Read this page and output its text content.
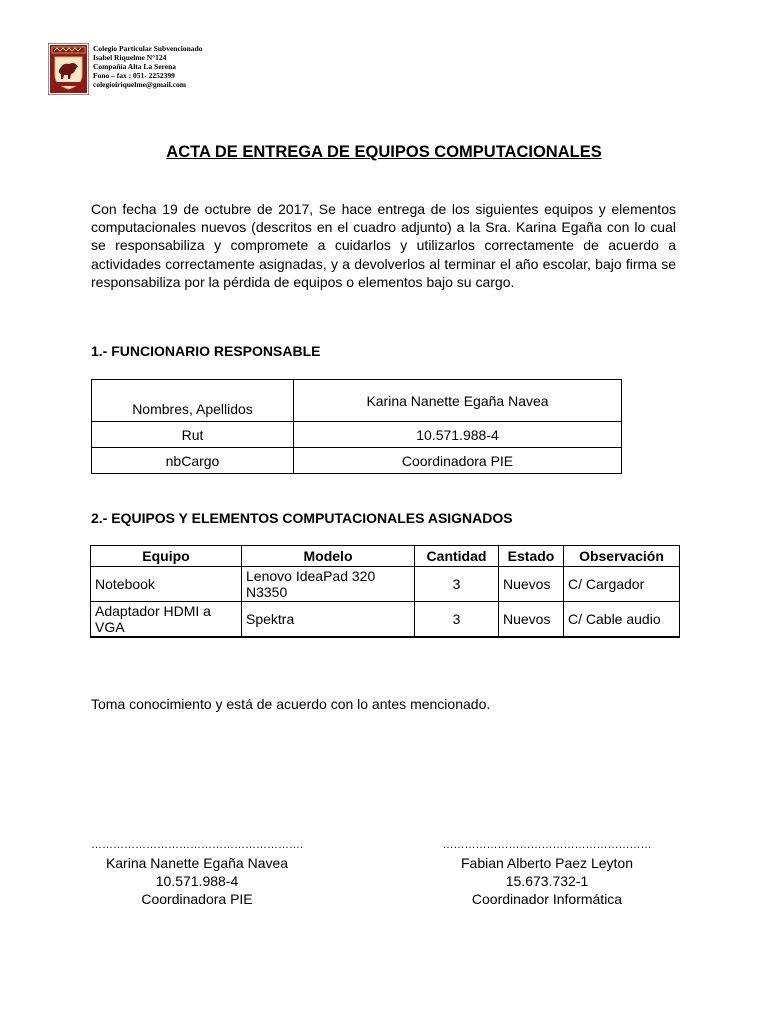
Colegio Particular Subvencionado
Isabel Riquelme N°124
Compañía Alta La Serena
Fono – fax : 051- 2252399
colegioiriquelme@gmail.com
ACTA DE ENTREGA DE EQUIPOS COMPUTACIONALES
Con fecha 19 de octubre de 2017, Se hace entrega de los siguientes equipos y elementos computacionales nuevos (descritos en el cuadro adjunto) a la Sra. Karina Egaña con lo cual se responsabiliza y compromete a cuidarlos y utilizarlos correctamente de acuerdo a actividades correctamente asignadas, y a devolverlos al terminar el año escolar, bajo firma se responsabiliza por la pérdida de equipos o elementos bajo su cargo.
1.- FUNCIONARIO RESPONSABLE
Nombres, Apellidos	Karina Nanette Egaña Navea
Rut	10.571.988-4
nbCargo	Coordinadora PIE
2.- EQUIPOS Y ELEMENTOS COMPUTACIONALES ASIGNADOS
Equipo	Modelo	Cantidad	Estado	Observación
Notebook	Lenovo IdeaPad 320 N3350	3	Nuevos	C/ Cargador
Adaptador HDMI a VGA	Spektra	3	Nuevos	C/ Cable audio
Toma conocimiento y está de acuerdo con lo antes mencionado.
………………………………………………….
Karina Nanette Egaña Navea
10.571.988-4
Coordinadora PIE
…………………………………………………
Fabian Alberto Paez Leyton
15.673.732-1
Coordinador Informática
